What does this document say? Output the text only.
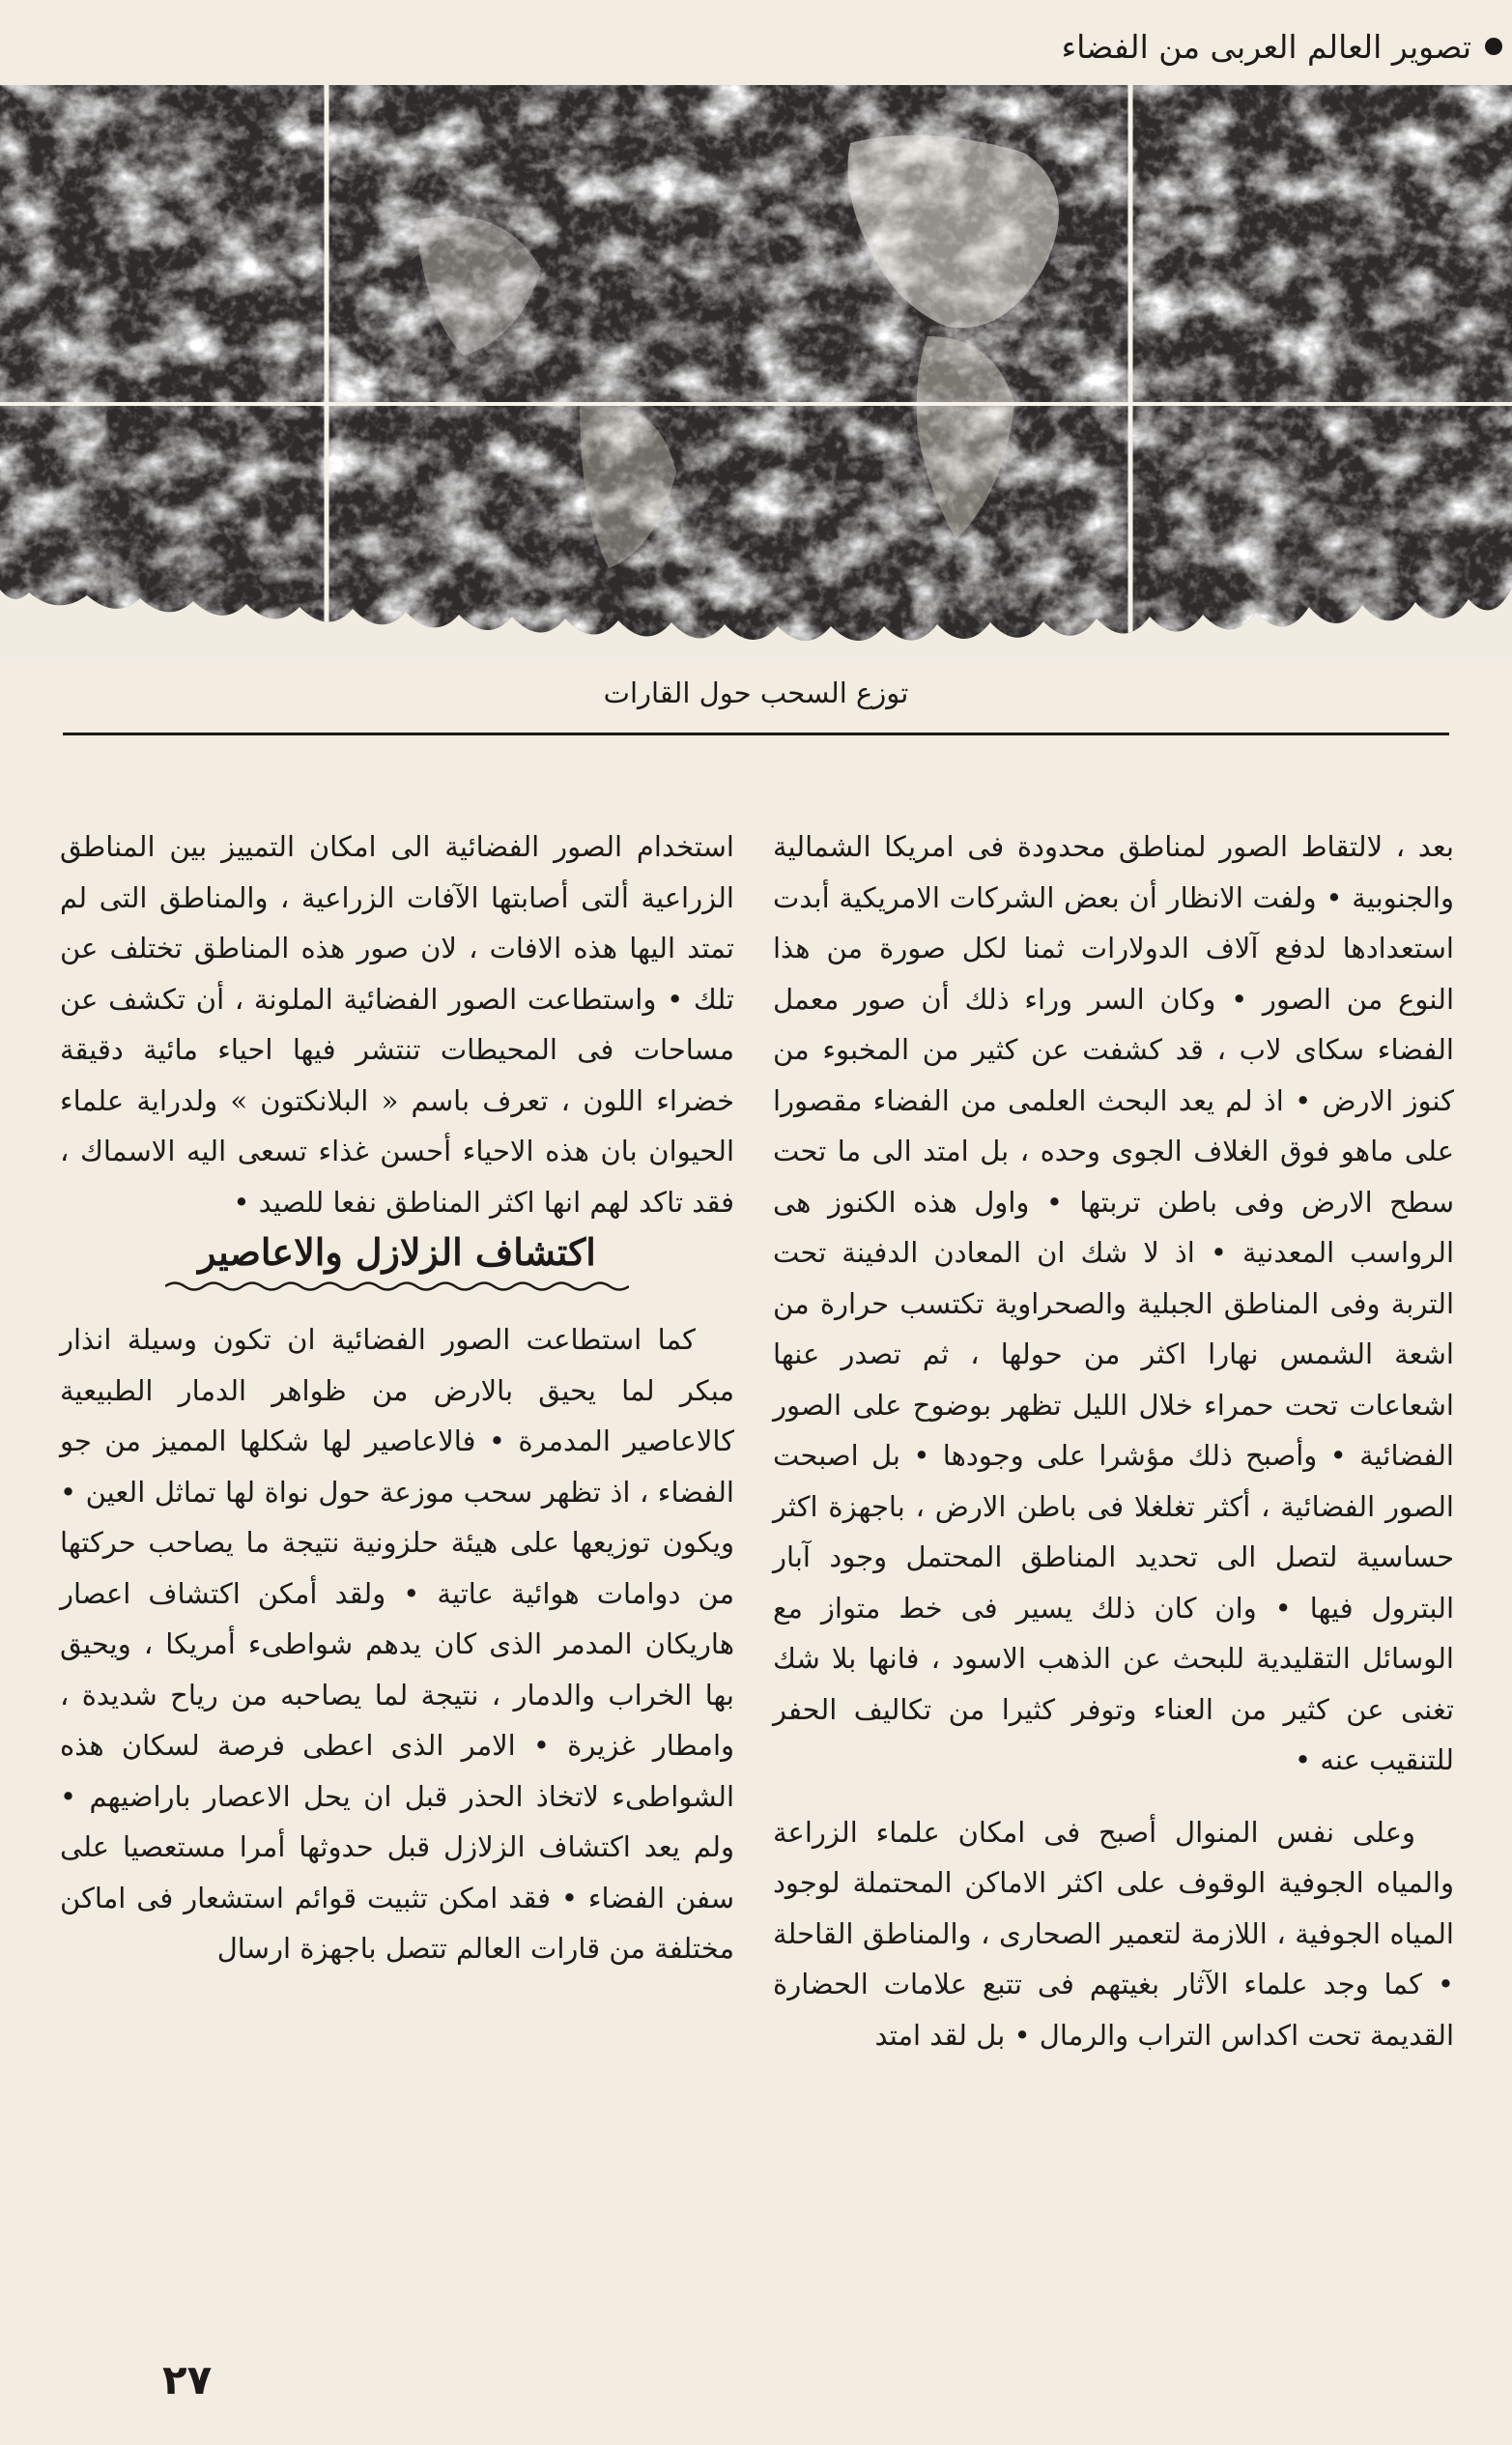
تصوير العالم العربى من الفضاء
توزع السحب حول القارات

بعد ، لالتقاط الصور لمناطق محدودة فى امريكا الشمالية والجنوبية • ولفت الانظار أن بعض الشركات الامريكية أبدت استعدادها لدفع آلاف الدولارات ثمنا لكل صورة من هذا النوع من الصور • وكان السر وراء ذلك أن صور معمل الفضاء سكاى لاب ، قد كشفت عن كثير من المخبوء من كنوز الارض • اذ لم يعد البحث العلمى من الفضاء مقصورا على ماهو فوق الغلاف الجوى وحده ، بل امتد الى ما تحت سطح الارض وفى باطن تربتها • واول هذه الكنوز هى الرواسب المعدنية • اذ لا شك ان المعادن الدفينة تحت التربة وفى المناطق الجبلية والصحراوية تكتسب حرارة من اشعة الشمس نهارا اكثر من حولها ، ثم تصدر عنها اشعاعات تحت حمراء خلال الليل تظهر بوضوح على الصور الفضائية • وأصبح ذلك مؤشرا على وجودها • بل اصبحت الصور الفضائية ، أكثر تغلغلا فى باطن الارض ، باجهزة اكثر حساسية لتصل الى تحديد المناطق المحتمل وجود آبار البترول فيها • وان كان ذلك يسير فى خط متواز مع الوسائل التقليدية للبحث عن الذهب الاسود ، فانها بلا شك تغنى عن كثير من العناء وتوفر كثيرا من تكاليف الحفر للتنقيب عنه •

وعلى نفس المنوال أصبح فى امكان علماء الزراعة والمياه الجوفية الوقوف على اكثر الاماكن المحتملة لوجود المياه الجوفية ، اللازمة لتعمير الصحارى ، والمناطق القاحلة • كما وجد علماء الآثار بغيتهم فى تتبع علامات الحضارة القديمة تحت اكداس التراب والرمال • بل لقد امتد

استخدام الصور الفضائية الى امكان التمييز بين المناطق الزراعية ألتى أصابتها الآفات الزراعية ، والمناطق التى لم تمتد اليها هذه الافات ، لان صور هذه المناطق تختلف عن تلك • واستطاعت الصور الفضائية الملونة ، أن تكشف عن مساحات فى المحيطات تنتشر فيها احياء مائية دقيقة خضراء اللون ، تعرف باسم « البلانكتون » ولدراية علماء الحيوان بان هذه الاحياء أحسن غذاء تسعى اليه الاسماك ، فقد تاكد لهم انها اكثر المناطق نفعا للصيد •

اكتشاف الزلازل والاعاصير

كما استطاعت الصور الفضائية ان تكون وسيلة انذار مبكر لما يحيق بالارض من ظواهر الدمار الطبيعية كالاعاصير المدمرة • فالاعاصير لها شكلها المميز من جو الفضاء ، اذ تظهر سحب موزعة حول نواة لها تماثل العين • ويكون توزيعها على هيئة حلزونية نتيجة ما يصاحب حركتها من دوامات هوائية عاتية • ولقد أمكن اكتشاف اعصار هاريكان المدمر الذى كان يدهم شواطىء أمريكا ، ويحيق بها الخراب والدمار ، نتيجة لما يصاحبه من رياح شديدة ، وامطار غزيرة • الامر الذى اعطى فرصة لسكان هذه الشواطىء لاتخاذ الحذر قبل ان يحل الاعصار باراضيهم • ولم يعد اكتشاف الزلازل قبل حدوثها أمرا مستعصيا على سفن الفضاء • فقد امكن تثبيت قوائم استشعار فى اماكن مختلفة من قارات العالم تتصل باجهزة ارسال

٢٧
